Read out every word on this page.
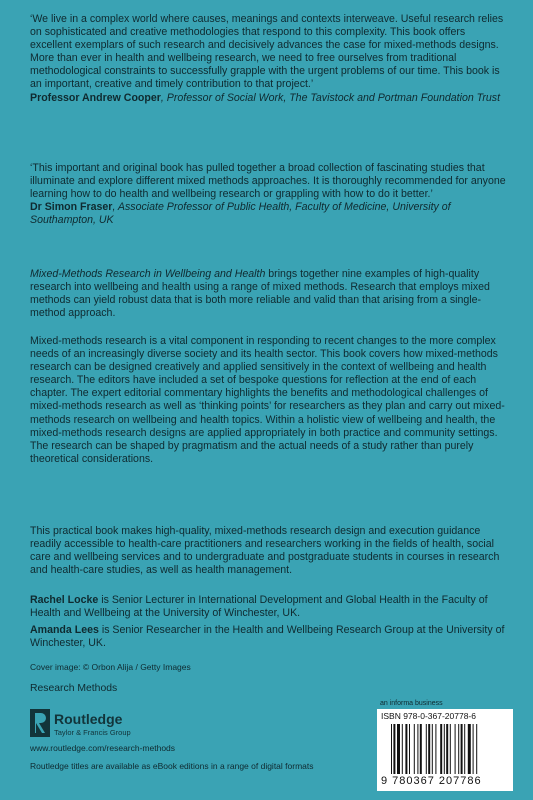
‘We live in a complex world where causes, meanings and contexts interweave. Useful research relies on sophisticated and creative methodologies that respond to this complexity. This book offers excellent exemplars of such research and decisively advances the case for mixed-methods designs. More than ever in health and wellbeing research, we need to free ourselves from traditional methodological constraints to successfully grapple with the urgent problems of our time. This book is an important, creative and timely contribution to that project.’

Professor Andrew Cooper, Professor of Social Work, The Tavistock and Portman Foundation Trust

‘This important and original book has pulled together a broad collection of fascinating studies that illuminate and explore different mixed methods approaches. It is thoroughly recommended for anyone learning how to do health and wellbeing research or grappling with how to do it better.’

Dr Simon Fraser, Associate Professor of Public Health, Faculty of Medicine, University of Southampton, UK

Mixed-Methods Research in Wellbeing and Health brings together nine examples of high-quality research into wellbeing and health using a range of mixed methods. Research that employs mixed methods can yield robust data that is both more reliable and valid than that arising from a single-method approach.

Mixed-methods research is a vital component in responding to recent changes to the more complex needs of an increasingly diverse society and its health sector. This book covers how mixed-methods research can be designed creatively and applied sensitively in the context of wellbeing and health research. The editors have included a set of bespoke questions for reflection at the end of each chapter. The expert editorial commentary highlights the benefits and methodological challenges of mixed-methods research as well as ‘thinking points’ for researchers as they plan and carry out mixed-methods research on wellbeing and health topics. Within a holistic view of wellbeing and health, the mixed-methods research designs are applied appropriately in both practice and community settings. The research can be shaped by pragmatism and the actual needs of a study rather than purely theoretical considerations.

This practical book makes high-quality, mixed-methods research design and execution guidance readily accessible to health-care practitioners and researchers working in the fields of health, social care and wellbeing services and to undergraduate and postgraduate students in courses in research and health-care studies, as well as health management.

Rachel Locke is Senior Lecturer in International Development and Global Health in the Faculty of Health and Wellbeing at the University of Winchester, UK.

Amanda Lees is Senior Researcher in the Health and Wellbeing Research Group at the University of Winchester, UK.

Cover image: © Orbon Alija / Getty Images
Research Methods
Routledge
Taylor & Francis Group
www.routledge.com/research-methods
Routledge titles are available as eBook editions in a range of digital formats
an informa business
ISBN 978-0-367-20778-6
9 780367 207786
